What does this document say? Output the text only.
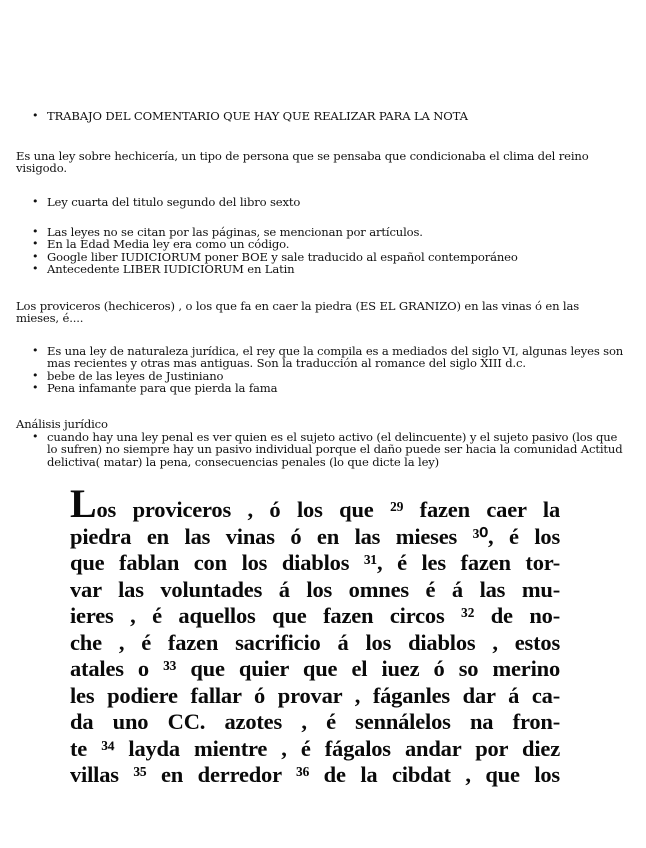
• TRABAJO DEL COMENTARIO QUE HAY QUE REALIZAR PARA LA NOTA

Es una ley sobre hechicería, un tipo de persona que se pensaba que condicionaba el clima del reino visigodo.

• Ley cuarta del titulo segundo del libro sexto
• Las leyes no se citan por las páginas, se mencionan por artículos.
• En la Edad Media ley era como un código.
• Google liber IUDICIORUM poner BOE y sale traducido al español contemporáneo
• Antecedente LIBER IUDICIORUM en Latin

Los proviceros (hechiceros) , o los que fa en caer la piedra (ES EL GRANIZO) en las vinas ó en las mieses, é....

• Es una ley de naturaleza jurídica, el rey que la compila es a mediados del siglo VI, algunas leyes son mas recientes y otras mas antiguas. Son la traducción al romance del siglo XIII d.c.
• bebe de las leyes de Justiniano
• Pena infamante para que pierda la fama

Análisis jurídico

• cuando hay una ley penal es ver quien es el sujeto activo (el delincuente) y el sujeto pasivo (los que lo sufren) no siempre hay un pasivo individual porque el daño puede ser hacia la comunidad Actitud delictiva( matar) la pena, consecuencias penales (lo que dicte la ley)
Los proviceros , ó los que ²⁹ fazen caer la
piedra en las vinas ó en las mieses ³⁰, é los
que fablan con los diablos ³¹, é les fazen tor-
var las voluntades á los omnes é á las mu-
ieres , é aquellos que fazen circos ³² de no-
che , é fazen sacrificio á los diablos , estos
atales o ³³ que quier que el iuez ó so merino
les podiere fallar ó provar , fáganles dar á ca-
da uno CC. azotes , é sennálelos na fron-
te ³⁴ layda mientre , é fágalos andar por diez
villas ³⁵ en derredor ³⁶ de la cibdat , que los
